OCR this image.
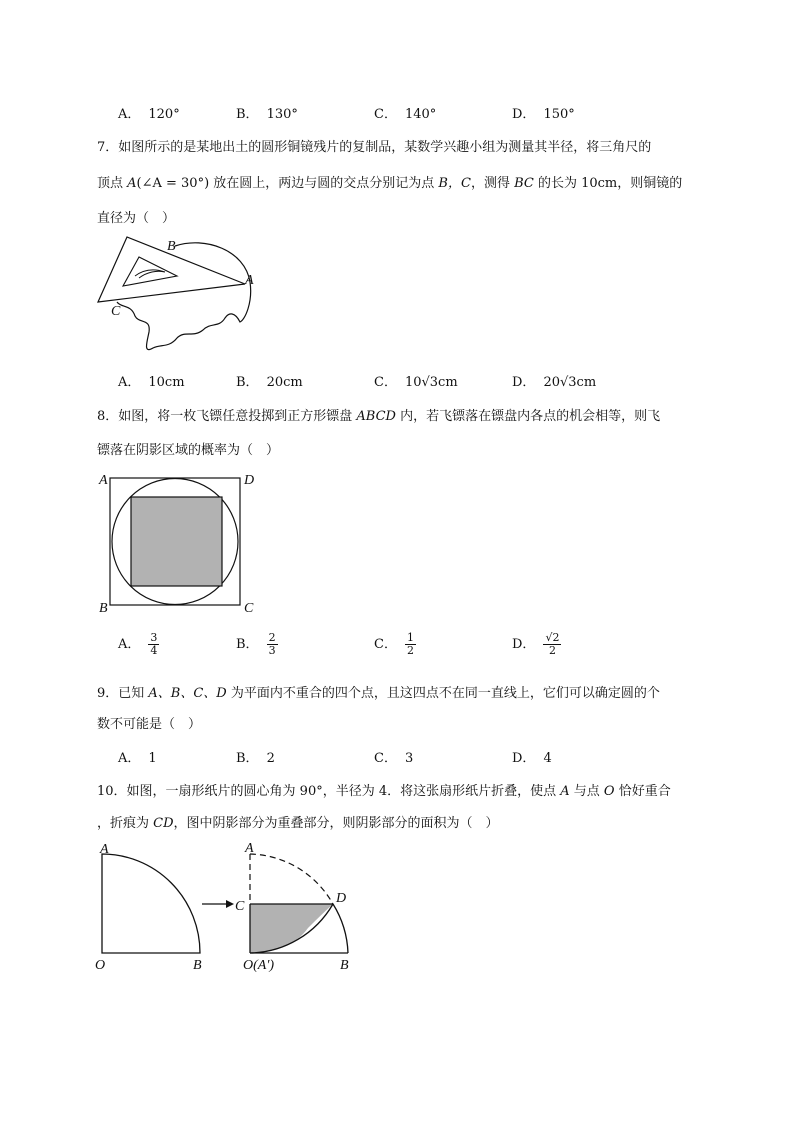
A． 120°	B． 130°	C． 140°	D． 150°
7．如图所示的是某地出土的圆形铜镜残片的复制品，某数学兴趣小组为测量其半径，将三角尺的
顶点 A(∠A = 30°) 放在圆上，两边与圆的交点分别记为点 B，C，测得 BC 的长为 10cm，则铜镜的
直径为（　）
B
A
C
A． 10cm	B． 20cm	C． 10√3cm	D． 20√3cm
8．如图，将一枚飞镖任意投掷到正方形镖盘 ABCD 内，若飞镖落在镖盘内各点的机会相等，则飞
镖落在阴影区域的概率为（　）
A	D
B	C
A． $\frac{3}{4}$	B． $\frac{2}{3}$	C． $\frac{1}{2}$	D． $\frac{√2}{2}$
9．已知 A、B、C、D 为平面内不重合的四个点，且这四点不在同一直线上，它们可以确定圆的个
数不可能是（　）
A． 1	B． 2	C． 3	D． 4
10．如图，一扇形纸片的圆心角为 90°，半径为 4．将这张扇形纸片折叠，使点 A 与点 O 恰好重合
，折痕为 CD，图中阴影部分为重叠部分，则阴影部分的面积为（　）
A
O	B
A
C
D
O(A′)	B
